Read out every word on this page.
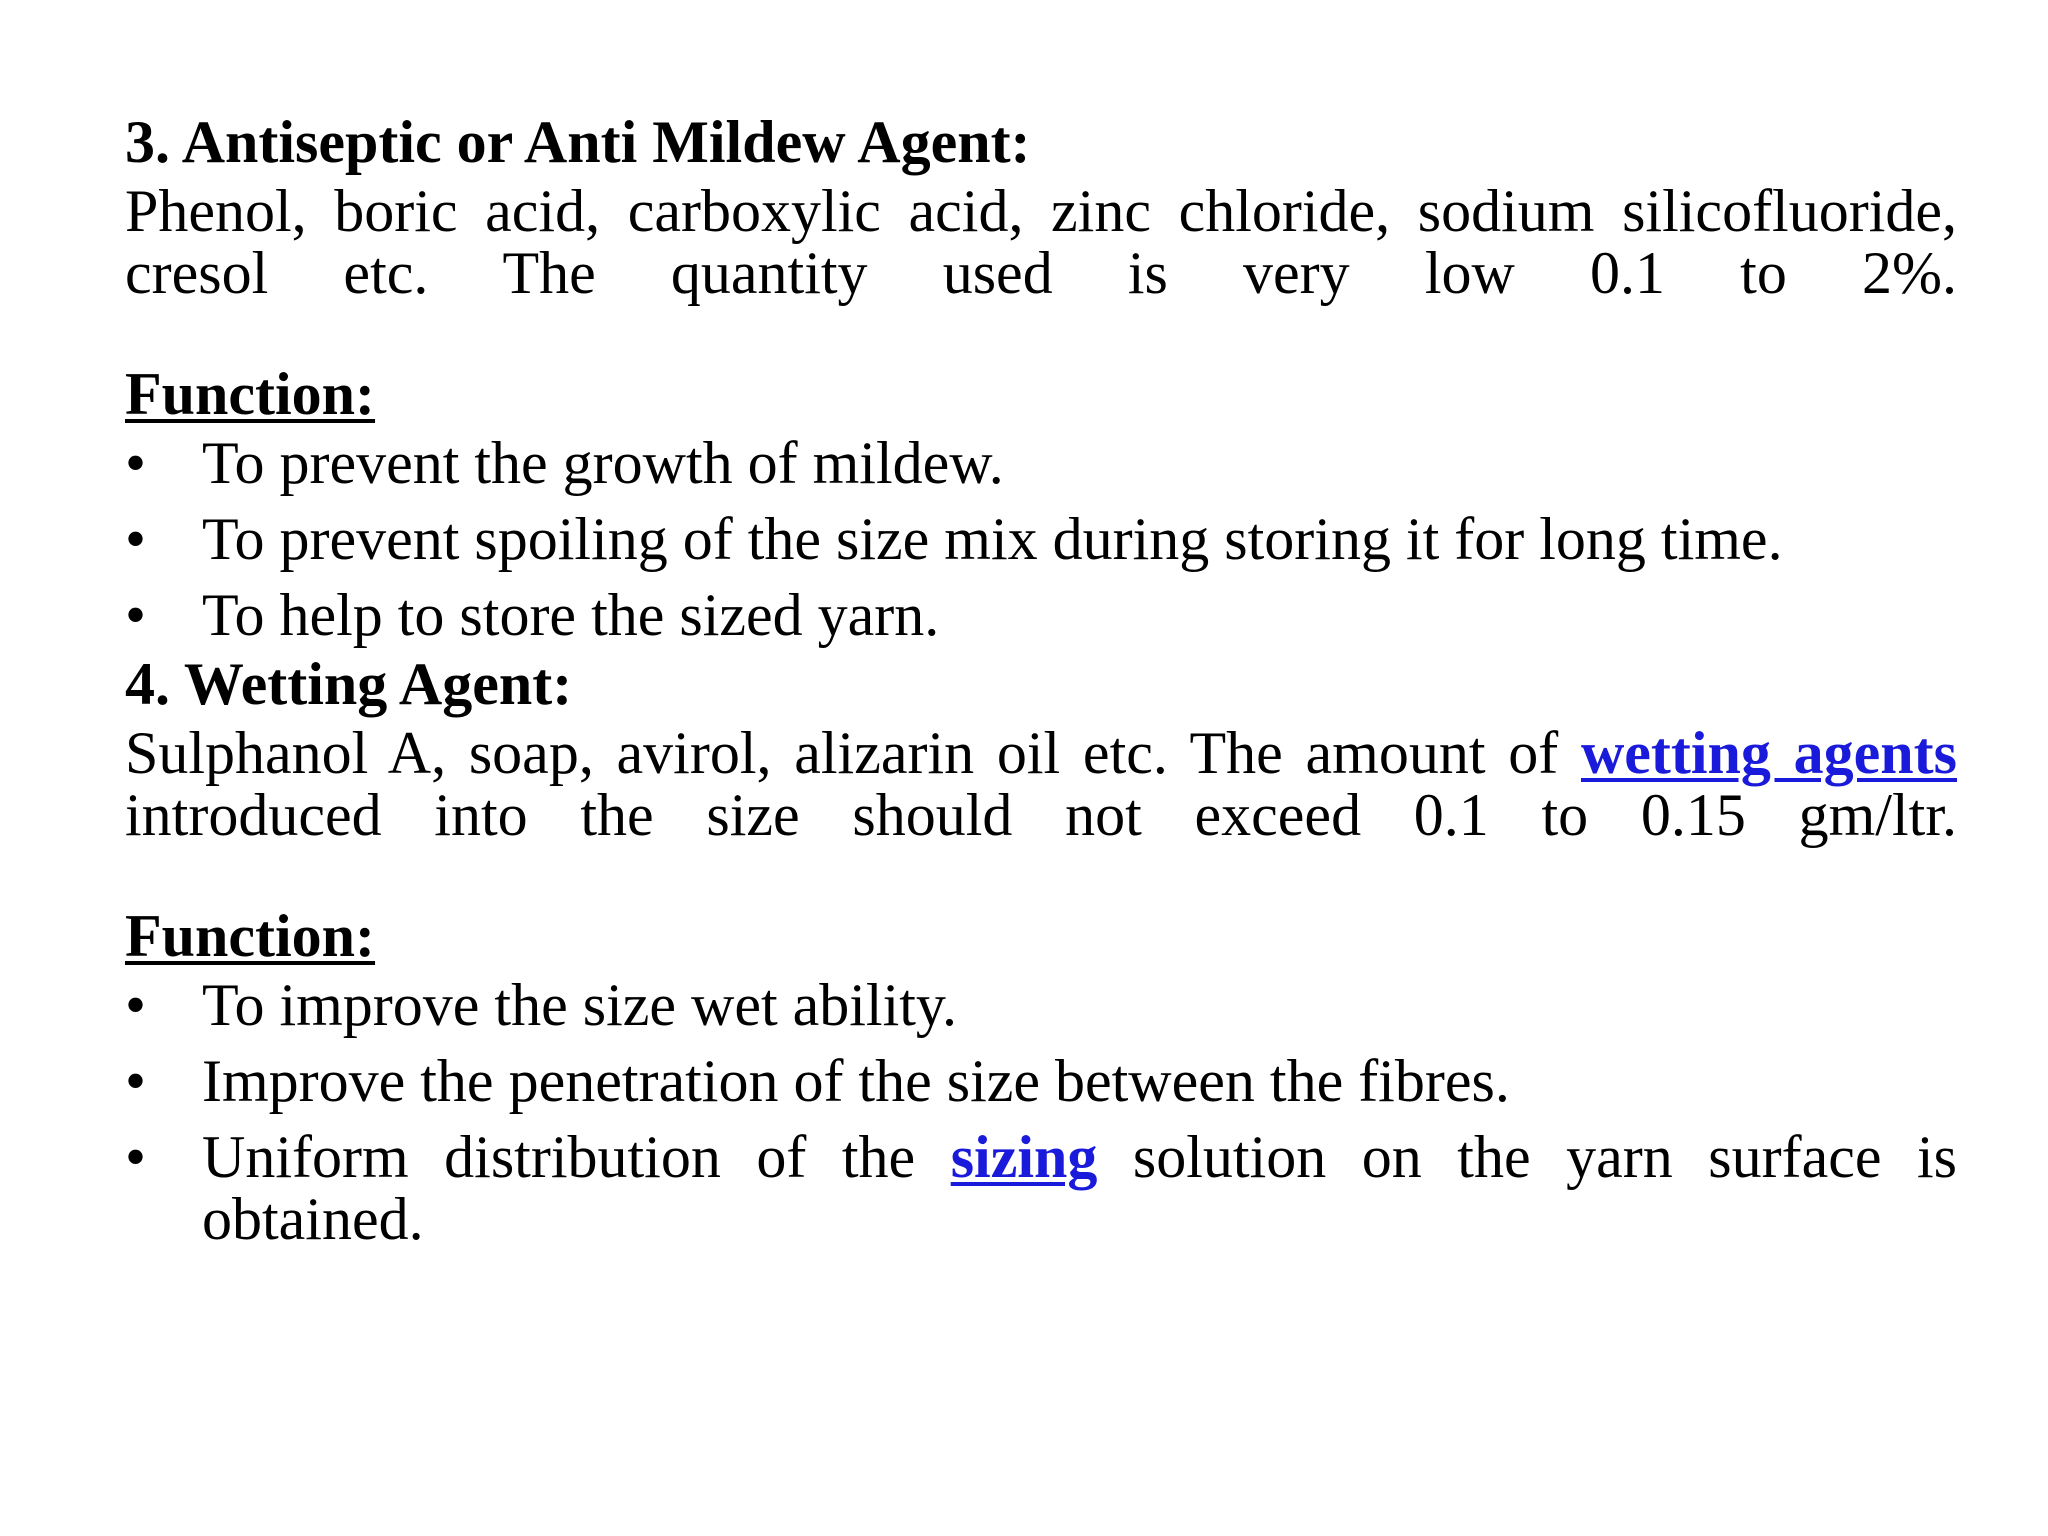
3. Antiseptic or Anti Mildew Agent:

Phenol, boric acid, carboxylic acid, zinc chloride, sodium silicofluoride, cresol etc. The quantity used is very low 0.1 to 2%.

Function:

• To prevent the growth of mildew.
• To prevent spoiling of the size mix during storing it for long time.
• To help to store the sized yarn.

4. Wetting Agent:

Sulphanol A, soap, avirol, alizarin oil etc. The amount of wetting agents introduced into the size should not exceed 0.1 to 0.15 gm/ltr.

Function:

• To improve the size wet ability.
• Improve the penetration of the size between the fibres.
• Uniform distribution of the sizing solution on the yarn surface is obtained.
